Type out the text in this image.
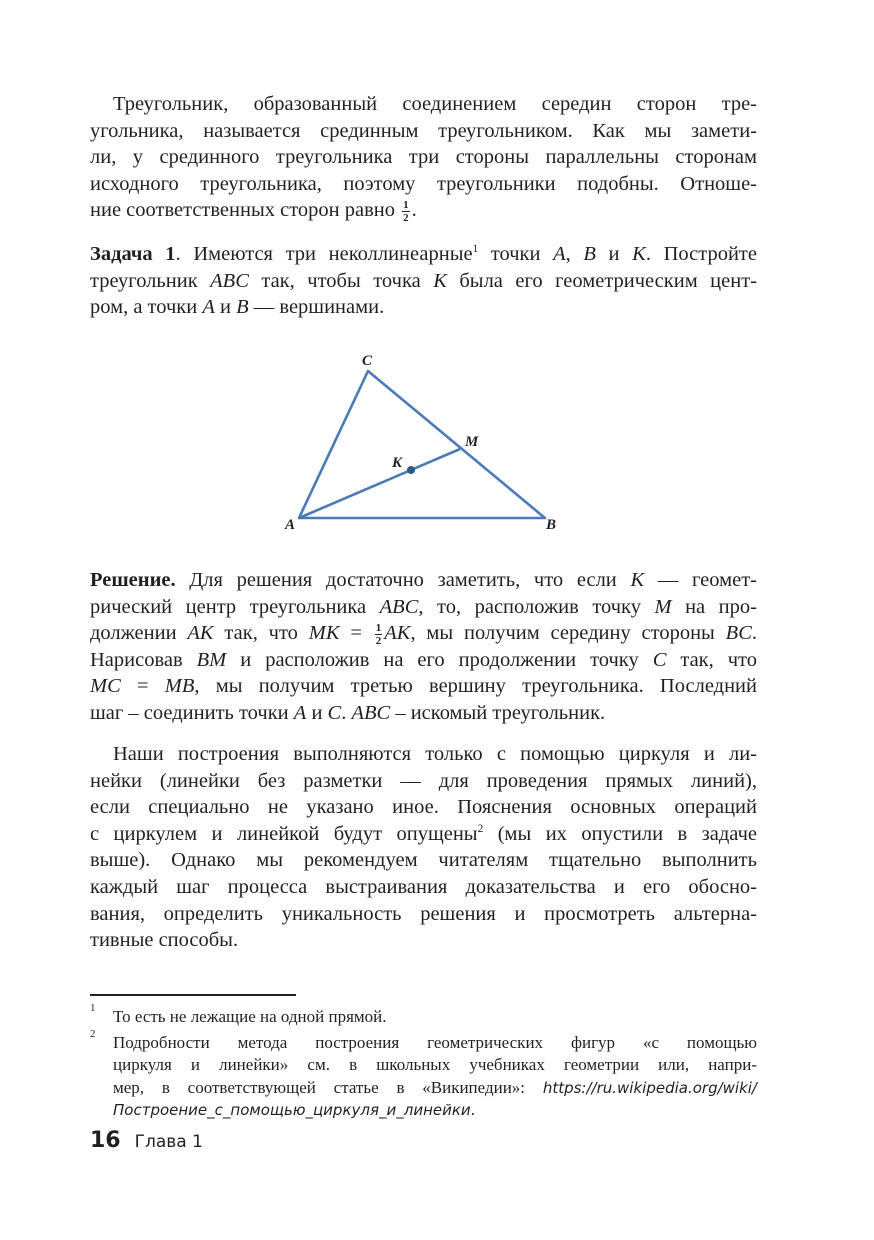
Треугольник, образованный соединением середин сторон тре-
угольника, называется срединным треугольником. Как мы замети-
ли, у срединного треугольника три стороны параллельны сторонам
исходного треугольника, поэтому треугольники подобны. Отноше-
ние соответственных сторон равно $\frac{1}{2}$ .
Задача 1. Имеются три неколлинеарные$^1$ точки A, B и K. Постройте
треугольник ABC так, чтобы точка K была его геометрическим цент-
ром, а точки A и B — вершинами.
C
M
K
A	B
Решение. Для решения достаточно заметить, что если K — геомет-
рический центр треугольника ABC, то, расположив точку M на про-
должении AK так, что MK = $\frac{1}{2}$ AK, мы получим середину стороны BC.
Нарисовав BM и расположив на его продолжении точку C так, что
MC = MB, мы получим третью вершину треугольника. Последний
шаг – соединить точки A и C. ABC – искомый треугольник.
Наши построения выполняются только с помощью циркуля и ли-
нейки (линейки без разметки — для проведения прямых линий),
если специально не указано иное. Пояснения основных операций
с циркулем и линейкой будут опущены$^2$ (мы их опустили в задаче
выше). Однако мы рекомендуем читателям тщательно выполнить
каждый шаг процесса выстраивания доказательства и его обосно-
вания, определить уникальность решения и просмотреть альтерна-
тивные способы.
1 То есть не лежащие на одной прямой.
2 Подробности метода построения геометрических фигур «с помощью
циркуля и линейки» см. в школьных учебниках геометрии или, напри-
мер, в соответствующей статье в «Википедии»: https://ru.wikipedia.org/wiki/
Построение_с_помощью_циркуля_и_линейки.
16 Глава 1
